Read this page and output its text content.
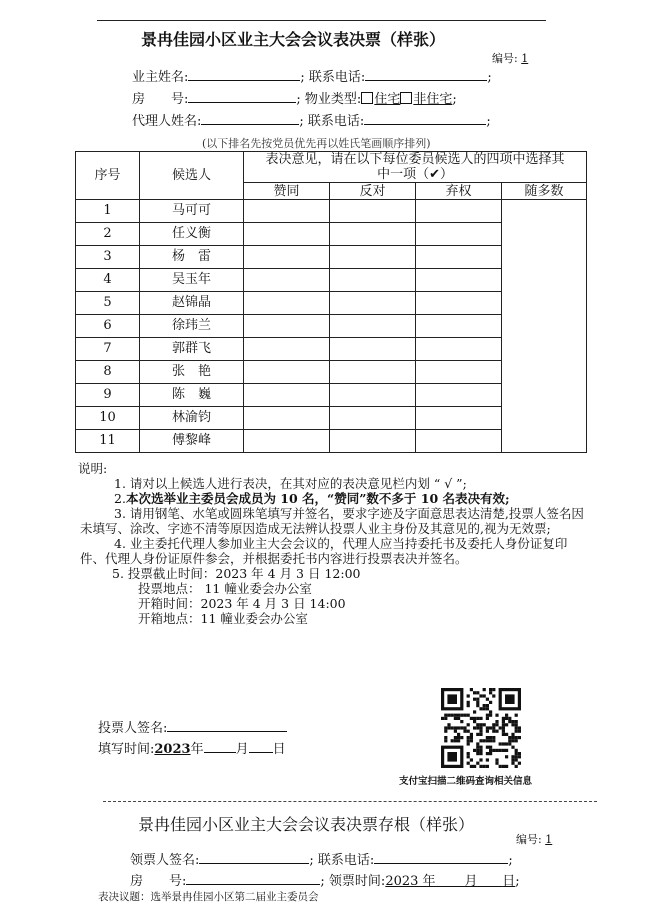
景冉佳园小区业主大会会议表决票（样张）
编号: 1
业主姓名:	; 联系电话:	;
房　　号:	; 物业类型: 住宅 非住宅;
代理人姓名:	; 联系电话:	;
(以下排名先按党员优先再以姓氏笔画顺序排列)
序号	候选人	表决意见，请在以下每位委员候选人的四项中选择其中一项（✔）			
		赞同	反对	弃权	随多数
1	马可可				
2	任义衡				
3	杨　雷				
4	吴玉年				
5	赵锦晶				
6	徐玮兰				
7	郭群飞				
8	张　艳				
9	陈　巍				
10	林渝钧				
11	傅黎峰				

说明:

1. 请对以上候选人进行表决，在其对应的表决意见栏内划 “ √ ”;

2.本次选举业主委员会成员为 10 名，“赞同”数不多于 10 名表决有效;

3. 请用钢笔、水笔或圆珠笔填写并签名，要求字迹及字面意思表达清楚,投票人签名因未填写、涂改、字迹不清等原因造成无法辨认投票人业主身份及其意见的,视为无效票;

4. 业主委托代理人参加业主大会会议的，代理人应当持委托书及委托人身份证复印件、代理人身份证原件参会，并根据委托书内容进行投票表决并签名。

5. 投票截止时间：2023 年 4 月 3 日 12:00

投票地点： 11 幢业委会办公室

开箱时间：2023 年 4 月 3 日 14:00

开箱地点：11 幢业委会办公室

投票人签名:
填写时间:2023年 月 日
支付宝扫描二维码查询相关信息
景冉佳园小区业主大会会议表决票存根（样张）
编号: 1
领票人签名:	; 联系电话:	;
房　　号:	; 领票时间:2023 年 月 日;
表决议题：选举景冉佳园小区第二届业主委员会
